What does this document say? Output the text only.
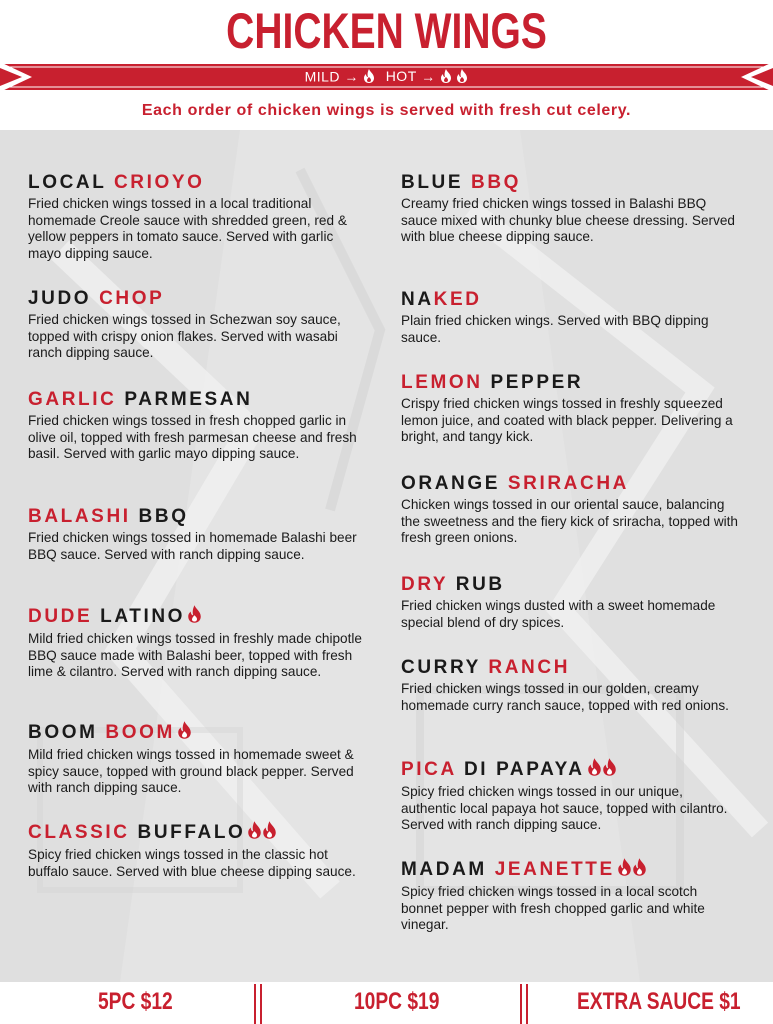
CHICKEN WINGS
MILD → HOT →
Each order of chicken wings is served with fresh cut celery.
LOCAL CRIOYO
Fried chicken wings tossed in a local traditional homemade Creole sauce with shredded green, red & yellow peppers in tomato sauce. Served with garlic mayo dipping sauce.
JUDO CHOP
Fried chicken wings tossed in Schezwan soy sauce, topped with crispy onion flakes. Served with wasabi ranch dipping sauce.
GARLIC PARMESAN
Fried chicken wings tossed in fresh chopped garlic in olive oil, topped with fresh parmesan cheese and fresh basil. Served with garlic mayo dipping sauce.
BALASHI BBQ
Fried chicken wings tossed in homemade Balashi beer BBQ sauce. Served with ranch dipping sauce.
DUDE LATINO
Mild fried chicken wings tossed in freshly made chipotle BBQ sauce made with Balashi beer, topped with fresh lime & cilantro. Served with ranch dipping sauce.
BOOM BOOM
Mild fried chicken wings tossed in homemade sweet & spicy sauce, topped with ground black pepper. Served with ranch dipping sauce.
CLASSIC BUFFALO
Spicy fried chicken wings tossed in the classic hot buffalo sauce. Served with blue cheese dipping sauce.
BLUE BBQ
Creamy fried chicken wings tossed in Balashi BBQ sauce mixed with chunky blue cheese dressing. Served with blue cheese dipping sauce.
NAKED
Plain fried chicken wings. Served with BBQ dipping sauce.
LEMON PEPPER
Crispy fried chicken wings tossed in freshly squeezed lemon juice, and coated with black pepper. Delivering a bright, and tangy kick.
ORANGE SRIRACHA
Chicken wings tossed in our oriental sauce, balancing the sweetness and the fiery kick of sriracha, topped with fresh green onions.
DRY RUB
Fried chicken wings dusted with a sweet homemade special blend of dry spices.
CURRY RANCH
Fried chicken wings tossed in our golden, creamy homemade curry ranch sauce, topped with red onions.
PICA DI PAPAYA
Spicy fried chicken wings tossed in our unique, authentic local papaya hot sauce, topped with cilantro. Served with ranch dipping sauce.
MADAM JEANETTE
Spicy fried chicken wings tossed in a local scotch bonnet pepper with fresh chopped garlic and white vinegar.
5PC $12	10PC $19	EXTRA SAUCE $1
